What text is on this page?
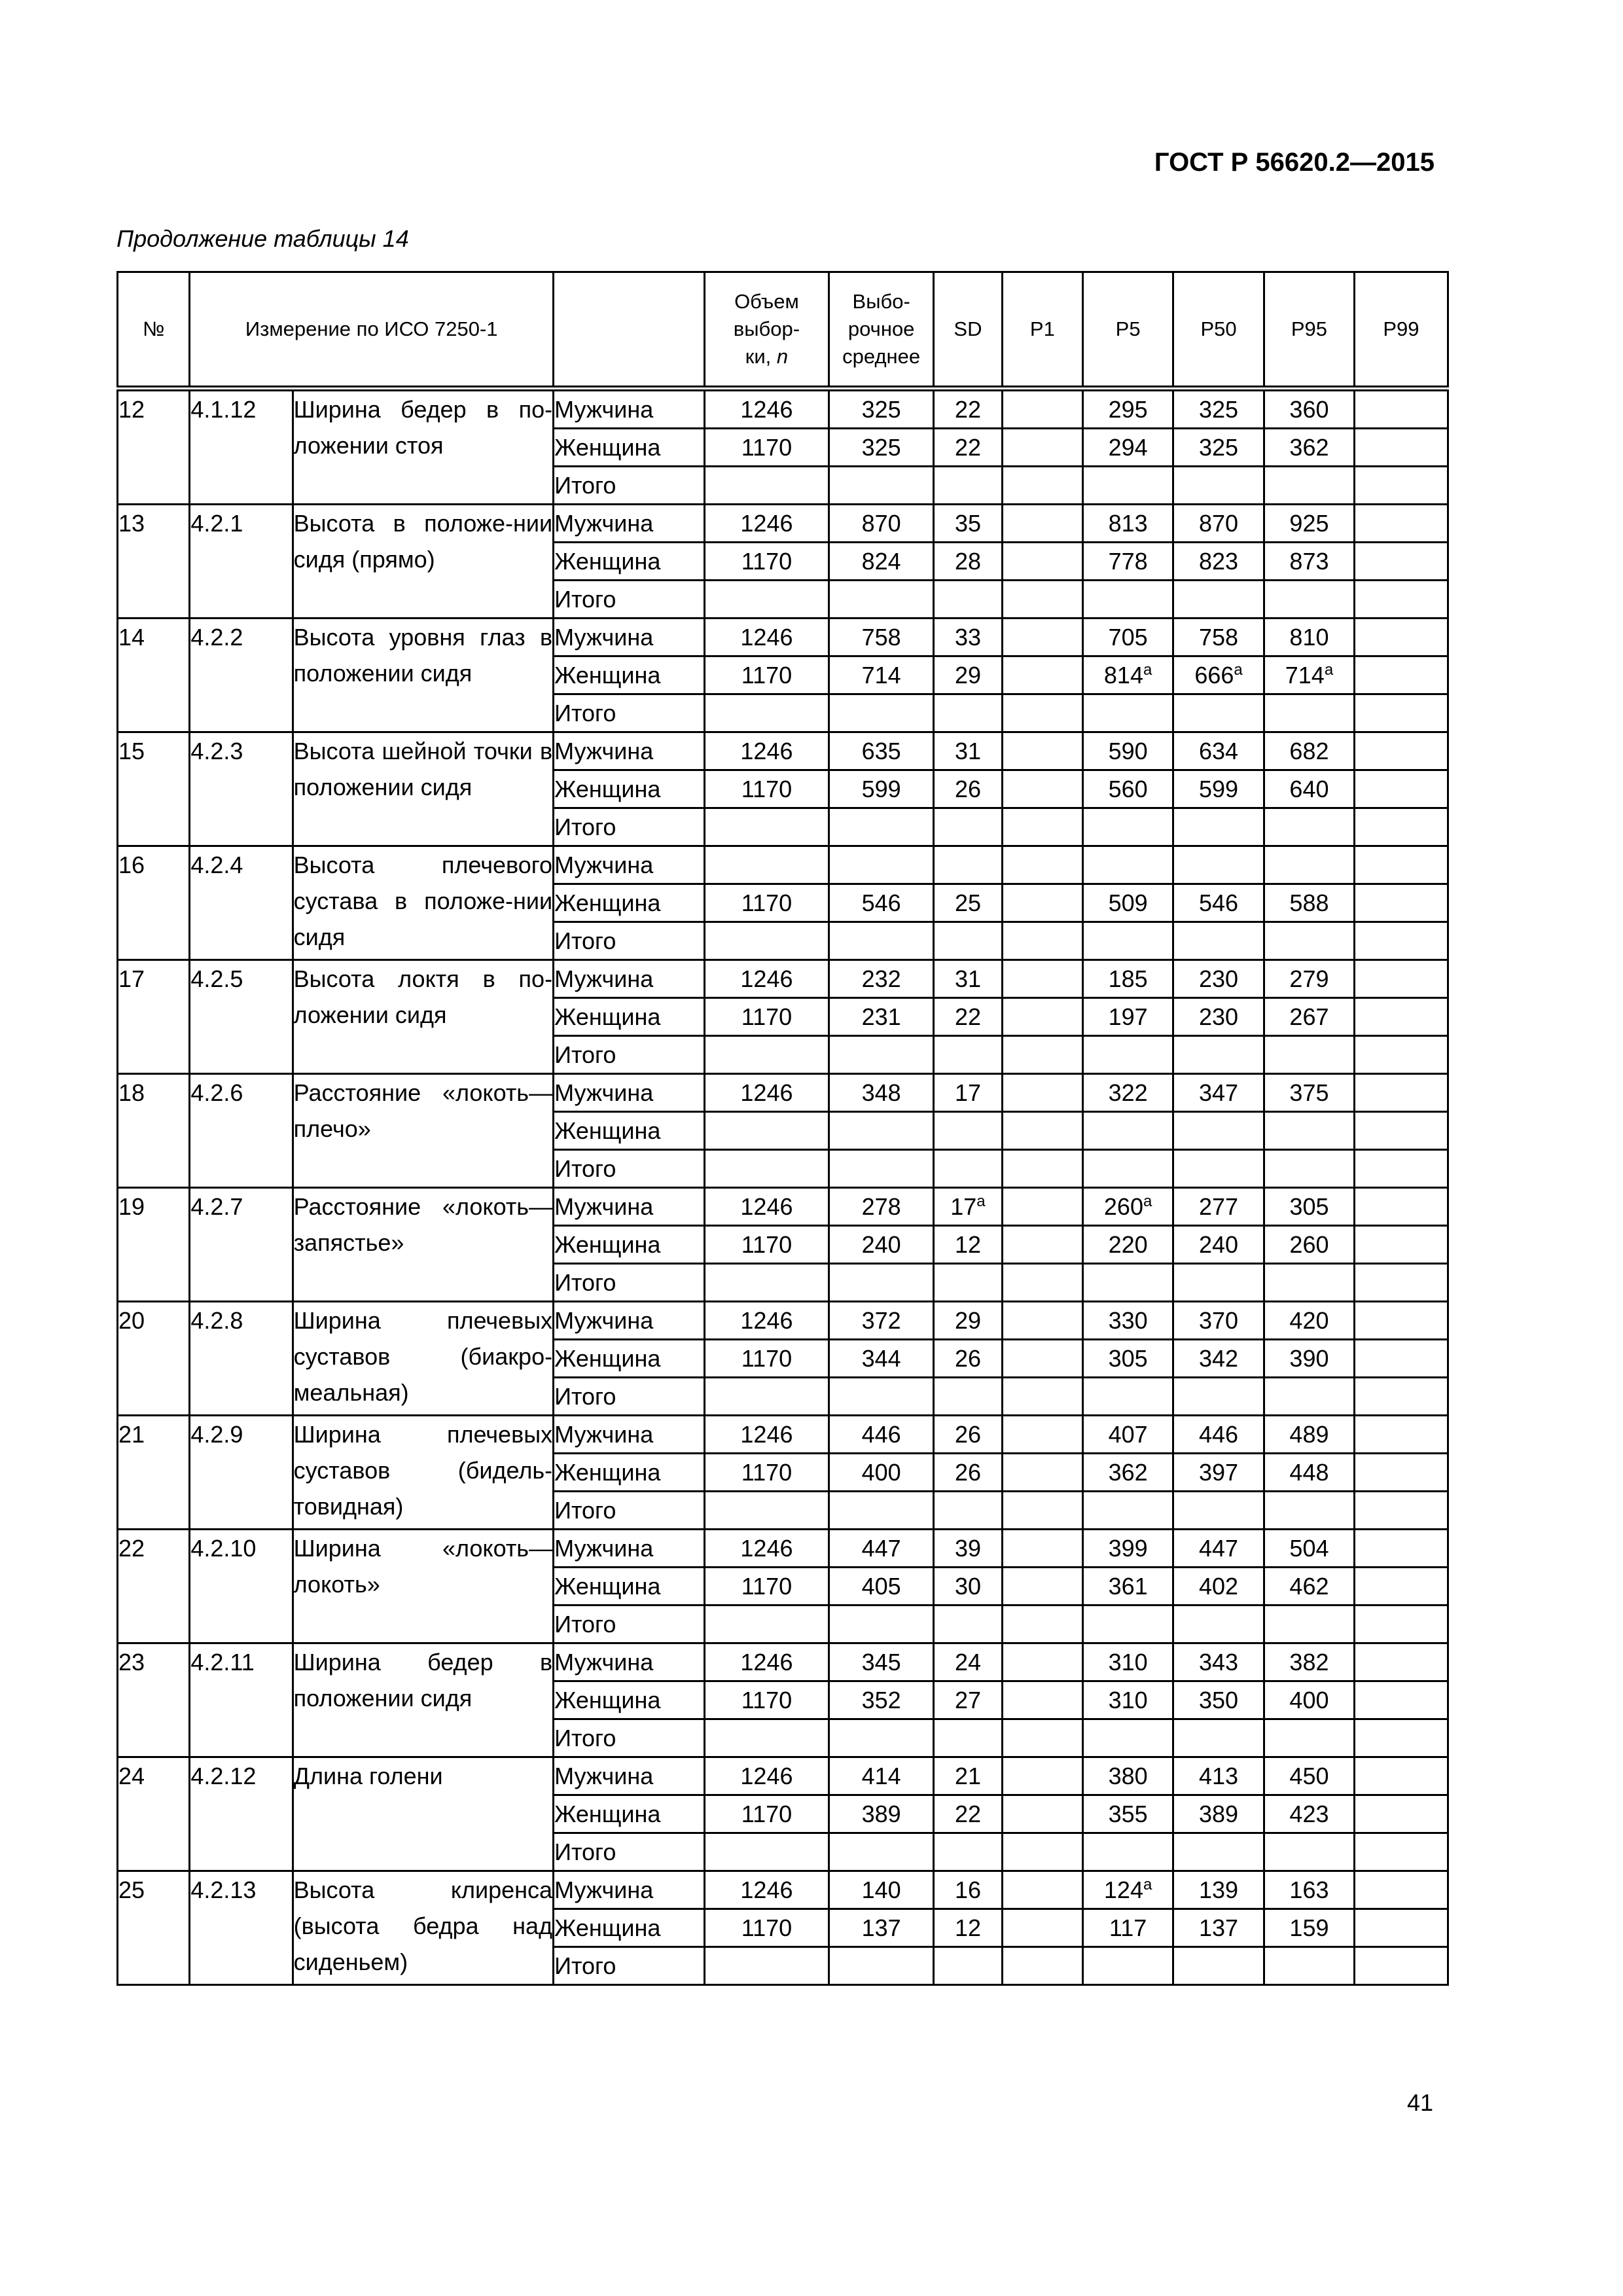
ГОСТ Р 56620.2—2015
Продолжение таблицы 14
№	Измерение по ИСО 7250-1			Объем
выбор-
ки, n	Выбо-
рочное
среднее	SD	P1	P5	P50	P95	P99
12	4.1.12	Ширина бедер в по-ложении стоя	Мужчина	1246	325	22		295	325	360	
			Женщина	1170	325	22		294	325	362	
			Итого								
13	4.2.1	Высота в положе-нии сидя (прямо)	Мужчина	1246	870	35		813	870	925	
			Женщина	1170	824	28		778	823	873	
			Итого								
14	4.2.2	Высота уровня глаз в положении сидя	Мужчина	1246	758	33		705	758	810	
			Женщина	1170	714	29		814$^a$	666$^a$	714$^a$	
			Итого								
15	4.2.3	Высота шейной точки в положении сидя	Мужчина	1246	635	31		590	634	682	
			Женщина	1170	599	26		560	599	640	
			Итого								
16	4.2.4	Высота плечевого сустава в положе-нии сидя	Мужчина								
			Женщина	1170	546	25		509	546	588	
			Итого								
17	4.2.5	Высота локтя в по-ложении сидя	Мужчина	1246	232	31		185	230	279	
			Женщина	1170	231	22		197	230	267	
			Итого								
18	4.2.6	Расстояние «локоть—плечо»	Мужчина	1246	348	17		322	347	375	
			Женщина								
			Итого								
19	4.2.7	Расстояние «локоть—запястье»	Мужчина	1246	278	17$^a$		260$^a$	277	305	
			Женщина	1170	240	12		220	240	260	
			Итого								
20	4.2.8	Ширина плечевых суставов (биакро-меальная)	Мужчина	1246	372	29		330	370	420	
			Женщина	1170	344	26		305	342	390	
			Итого								
21	4.2.9	Ширина плечевых суставов (бидель-товидная)	Мужчина	1246	446	26		407	446	489	
			Женщина	1170	400	26		362	397	448	
			Итого								
22	4.2.10	Ширина «локоть—локоть»	Мужчина	1246	447	39		399	447	504	
			Женщина	1170	405	30		361	402	462	
			Итого								
23	4.2.11	Ширина бедер в положении сидя	Мужчина	1246	345	24		310	343	382	
			Женщина	1170	352	27		310	350	400	
			Итого								
24	4.2.12	Длина голени	Мужчина	1246	414	21		380	413	450	
			Женщина	1170	389	22		355	389	423	
			Итого								
25	4.2.13	Высота клиренса (высота бедра над сиденьем)	Мужчина	1246	140	16		124$^a$	139	163	
			Женщина	1170	137	12		117	137	159	
			Итого								
41
